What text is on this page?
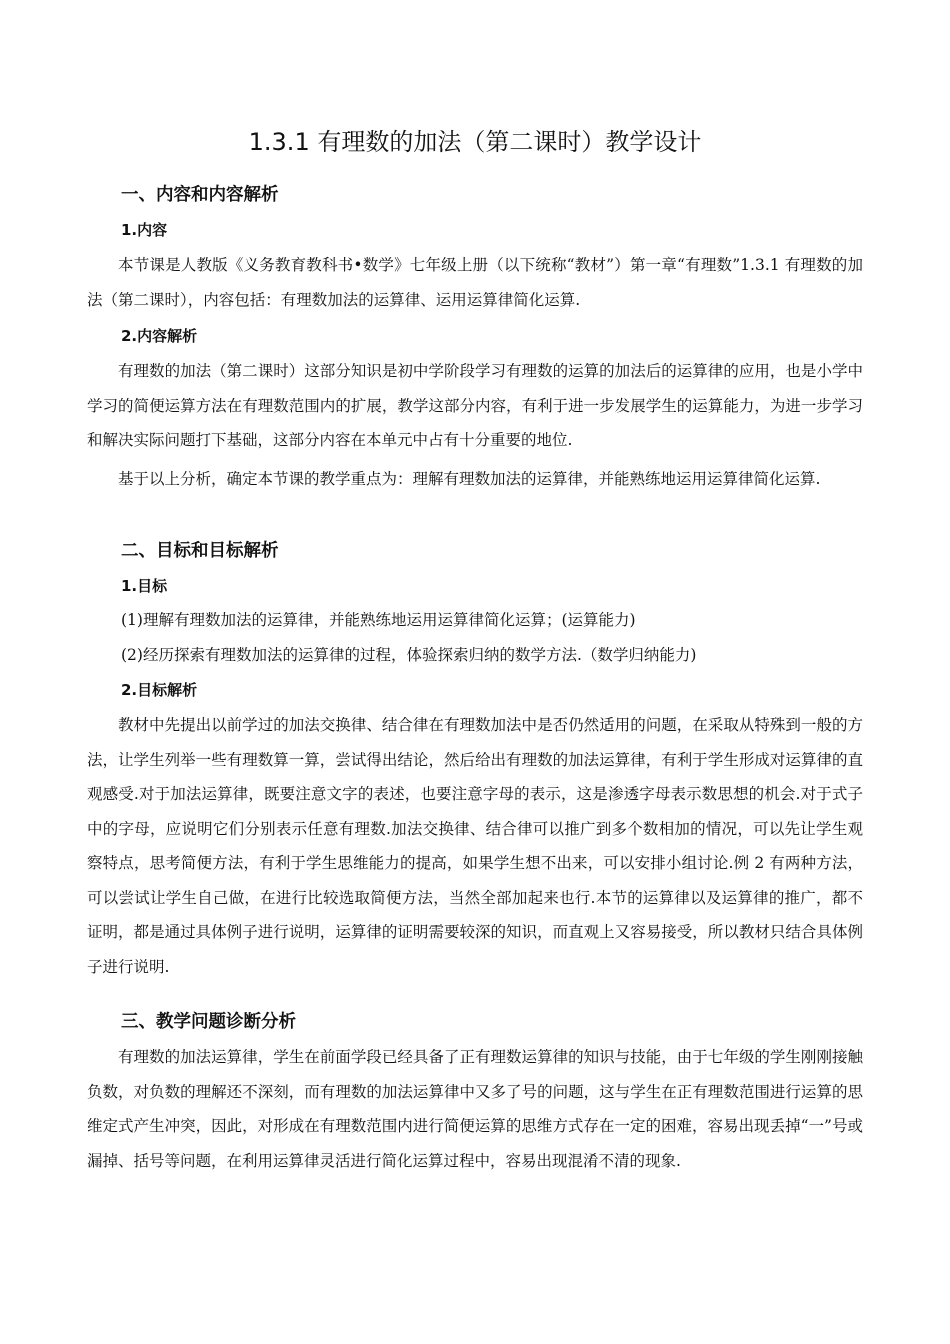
1.3.1 有理数的加法（第二课时）教学设计
一、内容和内容解析
1.内容

本节课是人教版《义务教育教科书•数学》七年级上册（以下统称“教材”）第一章“有理数”1.3.1 有理数的加法（第二课时），内容包括：有理数加法的运算律、运用运算律简化运算.

2.内容解析

有理数的加法（第二课时）这部分知识是初中学阶段学习有理数的运算的加法后的运算律的应用，也是小学中学习的简便运算方法在有理数范围内的扩展，教学这部分内容，有利于进一步发展学生的运算能力，为进一步学习和解决实际问题打下基础，这部分内容在本单元中占有十分重要的地位.

基于以上分析，确定本节课的教学重点为：理解有理数加法的运算律，并能熟练地运用运算律简化运算.

二、目标和目标解析
1.目标

(1)理解有理数加法的运算律，并能熟练地运用运算律简化运算；(运算能力)

(2)经历探索有理数加法的运算律的过程，体验探索归纳的数学方法.（数学归纳能力)

2.目标解析

教材中先提出以前学过的加法交换律、结合律在有理数加法中是否仍然适用的问题，在采取从特殊到一般的方法，让学生列举一些有理数算一算，尝试得出结论，然后给出有理数的加法运算律，有利于学生形成对运算律的直观感受.对于加法运算律，既要注意文字的表述，也要注意字母的表示，这是渗透字母表示数思想的机会.对于式子中的字母，应说明它们分别表示任意有理数.加法交换律、结合律可以推广到多个数相加的情况，可以先让学生观察特点，思考简便方法，有利于学生思维能力的提高，如果学生想不出来，可以安排小组讨论.例 2 有两种方法，可以尝试让学生自己做，在进行比较选取简便方法，当然全部加起来也行.本节的运算律以及运算律的推广，都不证明，都是通过具体例子进行说明，运算律的证明需要较深的知识，而直观上又容易接受，所以教材只结合具体例子进行说明.

三、教学问题诊断分析

有理数的加法运算律，学生在前面学段已经具备了正有理数运算律的知识与技能，由于七年级的学生刚刚接触负数，对负数的理解还不深刻，而有理数的加法运算律中又多了号的问题，这与学生在正有理数范围进行运算的思维定式产生冲突，因此，对形成在有理数范围内进行简便运算的思维方式存在一定的困难，容易出现丢掉“一”号或漏掉、括号等问题，在利用运算律灵活进行简化运算过程中，容易出现混淆不清的现象.
